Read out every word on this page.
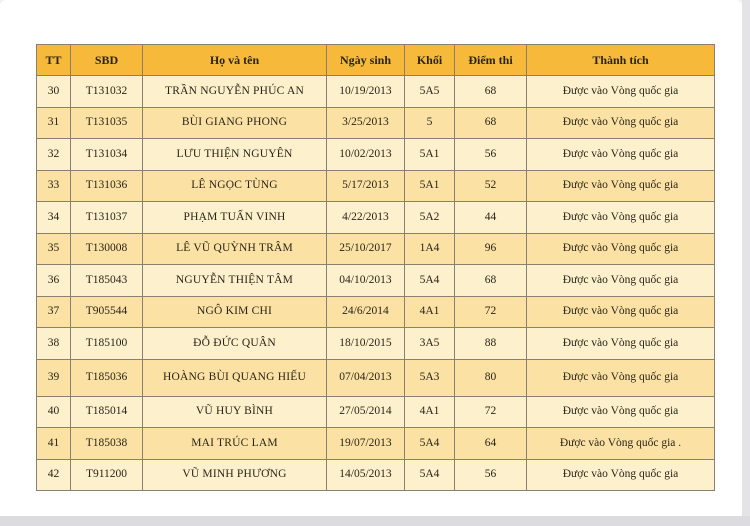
TT	SBD	Họ và tên	Ngày sinh	Khối	Điểm thi	Thành tích
30	T131032	TRẦN NGUYỄN PHÚC AN	10/19/2013	5A5	68	Được vào Vòng quốc gia
31	T131035	BÙI GIANG PHONG	3/25/2013	5	68	Được vào Vòng quốc gia
32	T131034	LƯU THIỆN NGUYÊN	10/02/2013	5A1	56	Được vào Vòng quốc gia
33	T131036	LÊ NGỌC TÙNG	5/17/2013	5A1	52	Được vào Vòng quốc gia
34	T131037	PHẠM TUẤN VINH	4/22/2013	5A2	44	Được vào Vòng quốc gia
35	T130008	LÊ VŨ QUỲNH TRÂM	25/10/2017	1A4	96	Được vào Vòng quốc gia
36	T185043	NGUYỄN THIỆN TÂM	04/10/2013	5A4	68	Được vào Vòng quốc gia
37	T905544	NGÔ KIM CHI	24/6/2014	4A1	72	Được vào Vòng quốc gia
38	T185100	ĐỖ ĐỨC QUÂN	18/10/2015	3A5	88	Được vào Vòng quốc gia
39	T185036	HOÀNG BÙI QUANG HIẾU	07/04/2013	5A3	80	Được vào Vòng quốc gia
40	T185014	VŨ HUY BÌNH	27/05/2014	4A1	72	Được vào Vòng quốc gia
41	T185038	MAI TRÚC LAM	19/07/2013	5A4	64	Được vào Vòng quốc gia .
42	T911200	VŨ MINH PHƯƠNG	14/05/2013	5A4	56	Được vào Vòng quốc gia
